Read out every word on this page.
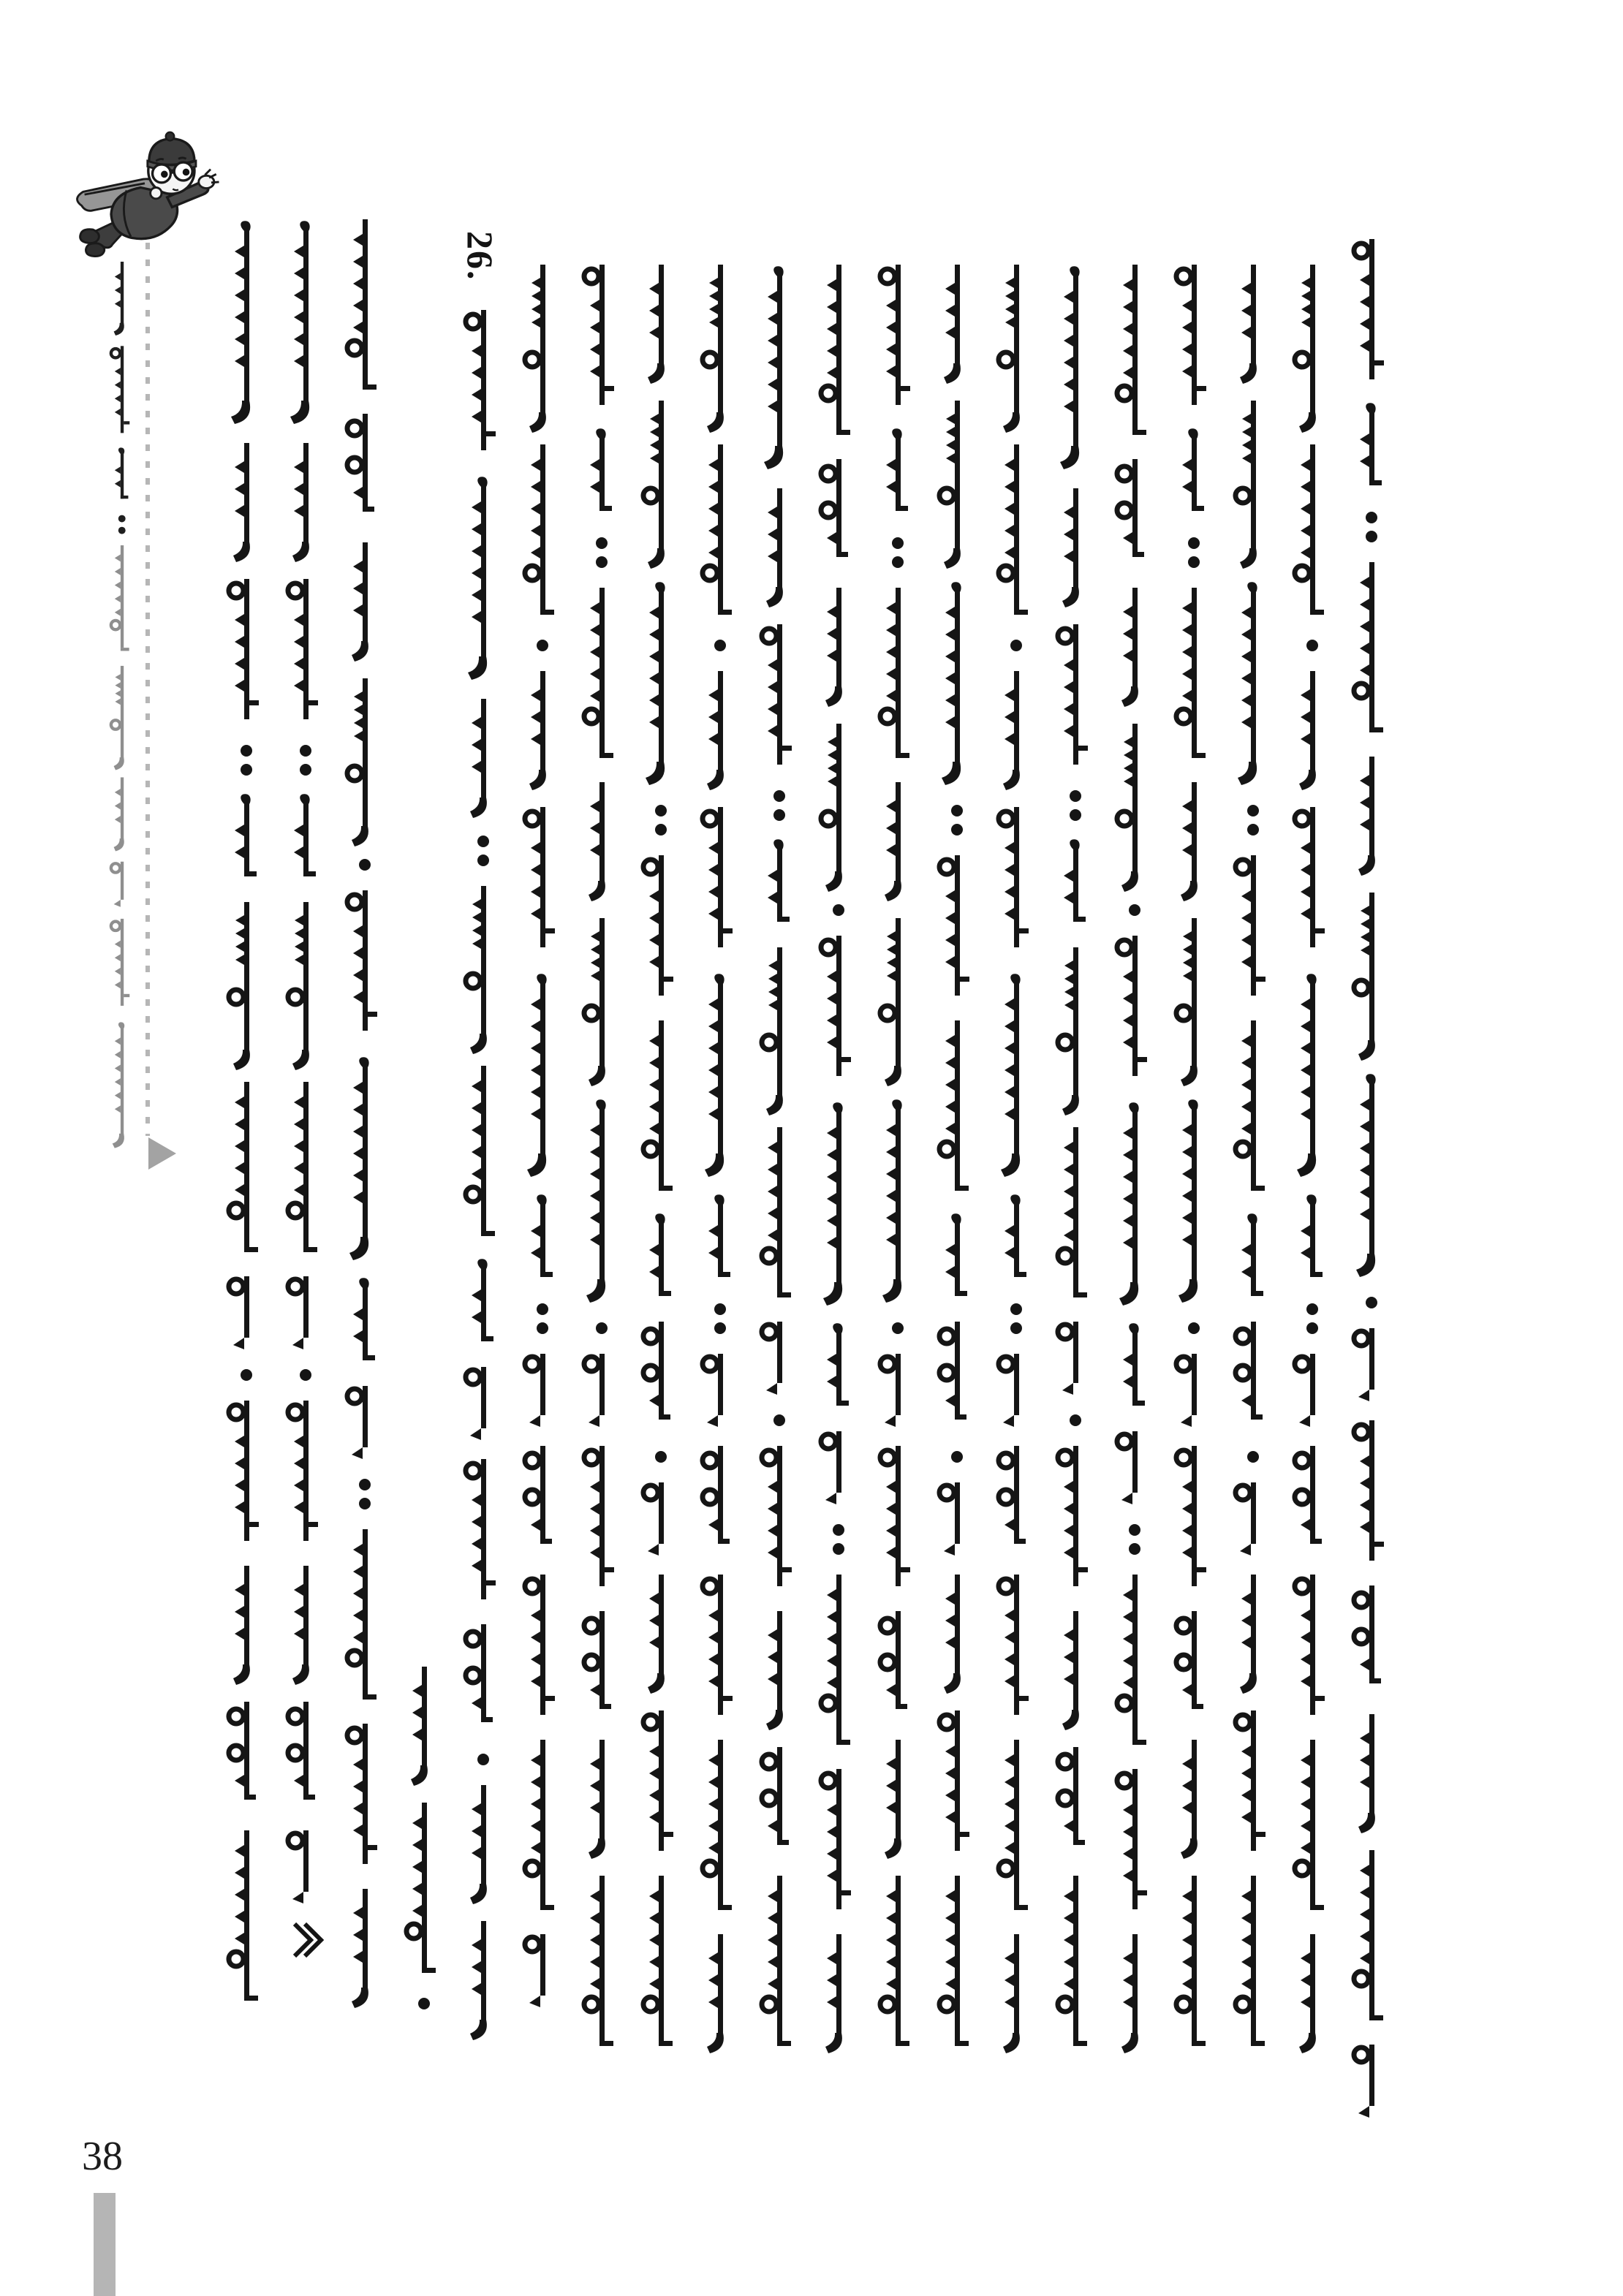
26.
38
